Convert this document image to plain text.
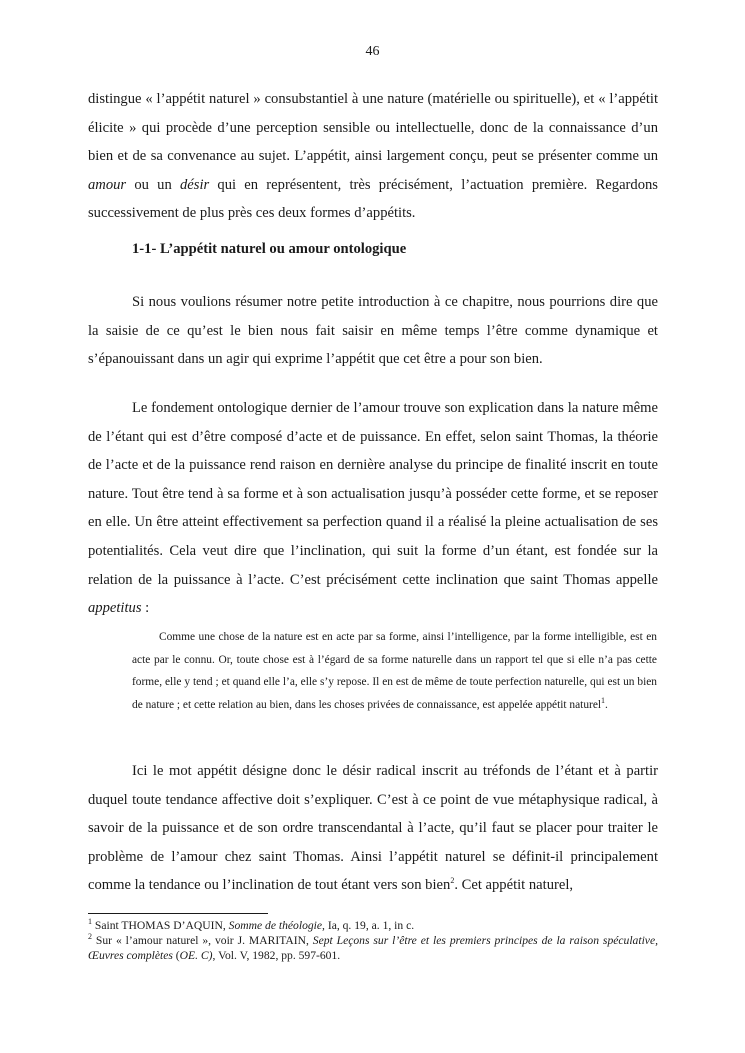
46

distingue « l’appétit naturel » consubstantiel à une nature (matérielle ou spirituelle), et « l’appétit élicite » qui procède d’une perception sensible ou intellectuelle, donc de la connaissance d’un bien et de sa convenance au sujet. L’appétit, ainsi largement conçu, peut se présenter comme un amour ou un désir qui en représentent, très précisément, l’actuation première. Regardons successivement de plus près ces deux formes d’appétits.

1-1- L’appétit naturel ou amour ontologique

Si nous voulions résumer notre petite introduction à ce chapitre, nous pourrions dire que la saisie de ce qu’est le bien nous fait saisir en même temps l’être comme dynamique et s’épanouissant dans un agir qui exprime l’appétit que cet être a pour son bien.

Le fondement ontologique dernier de l’amour trouve son explication dans la nature même de l’étant qui est d’être composé d’acte et de puissance. En effet, selon saint Thomas, la théorie de l’acte et de la puissance rend raison en dernière analyse du principe de finalité inscrit en toute nature. Tout être tend à sa forme et à son actualisation jusqu’à posséder cette forme, et se reposer en elle. Un être atteint effectivement sa perfection quand il a réalisé la pleine actualisation de ses potentialités. Cela veut dire que l’inclination, qui suit la forme d’un étant, est fondée sur la relation de la puissance à l’acte. C’est précisément cette inclination que saint Thomas appelle appetitus :

Comme une chose de la nature est en acte par sa forme, ainsi l’intelligence, par la forme intelligible, est en acte par le connu. Or, toute chose est à l’égard de sa forme naturelle dans un rapport tel que si elle n’a pas cette forme, elle y tend ; et quand elle l’a, elle s’y repose. Il en est de même de toute perfection naturelle, qui est un bien de nature ; et cette relation au bien, dans les choses privées de connaissance, est appelée appétit naturel$^1$.

Ici le mot appétit désigne donc le désir radical inscrit au tréfonds de l’étant et à partir duquel toute tendance affective doit s’expliquer. C’est à ce point de vue métaphysique radical, à savoir de la puissance et de son ordre transcendantal à l’acte, qu’il faut se placer pour traiter le problème de l’amour chez saint Thomas. Ainsi l’appétit naturel se définit-il principalement comme la tendance ou l’inclination de tout étant vers son bien$^2$. Cet appétit naturel,

$^1$ Saint THOMAS D’AQUIN, Somme de théologie, Ia, q. 19, a. 1, in c.

$^2$ Sur « l’amour naturel », voir J. MARITAIN, Sept Leçons sur l’être et les premiers principes de la raison spéculative, Œuvres complètes (OE. C), Vol. V, 1982, pp. 597-601.
